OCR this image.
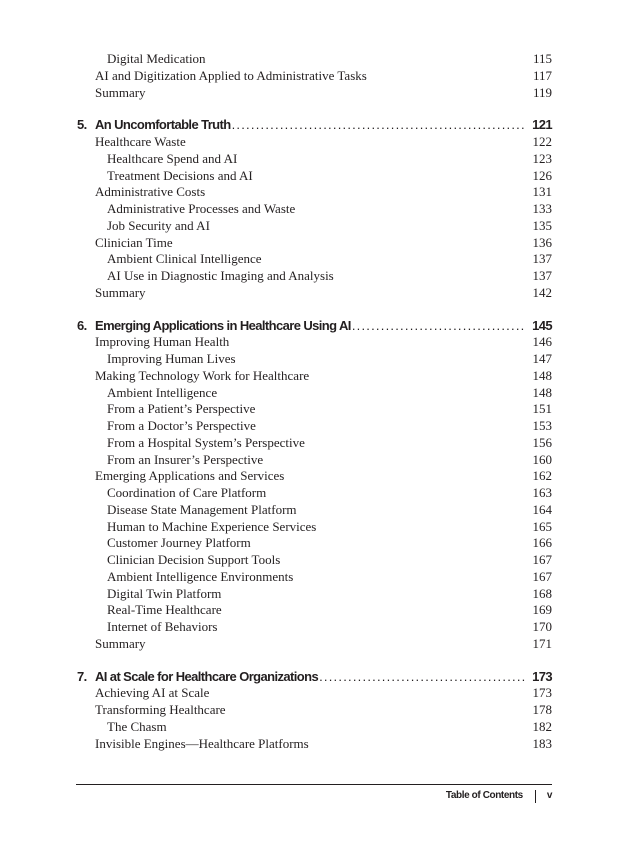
Digital Medication	115
AI and Digitization Applied to Administrative Tasks	117
Summary	119
5. An Uncomfortable Truth . . .	121
Healthcare Waste	122
Healthcare Spend and AI	123
Treatment Decisions and AI	126
Administrative Costs	131
Administrative Processes and Waste	133
Job Security and AI	135
Clinician Time	136
Ambient Clinical Intelligence	137
AI Use in Diagnostic Imaging and Analysis	137
Summary	142
6. Emerging Applications in Healthcare Using AI . . .	145
Improving Human Health	146
Improving Human Lives	147
Making Technology Work for Healthcare	148
Ambient Intelligence	148
From a Patient’s Perspective	151
From a Doctor’s Perspective	153
From a Hospital System’s Perspective	156
From an Insurer’s Perspective	160
Emerging Applications and Services	162
Coordination of Care Platform	163
Disease State Management Platform	164
Human to Machine Experience Services	165
Customer Journey Platform	166
Clinician Decision Support Tools	167
Ambient Intelligence Environments	167
Digital Twin Platform	168
Real-Time Healthcare	169
Internet of Behaviors	170
Summary	171
7. AI at Scale for Healthcare Organizations . . .	173
Achieving AI at Scale	173
Transforming Healthcare	178
The Chasm	182
Invisible Engines—Healthcare Platforms	183
Table of Contents v
